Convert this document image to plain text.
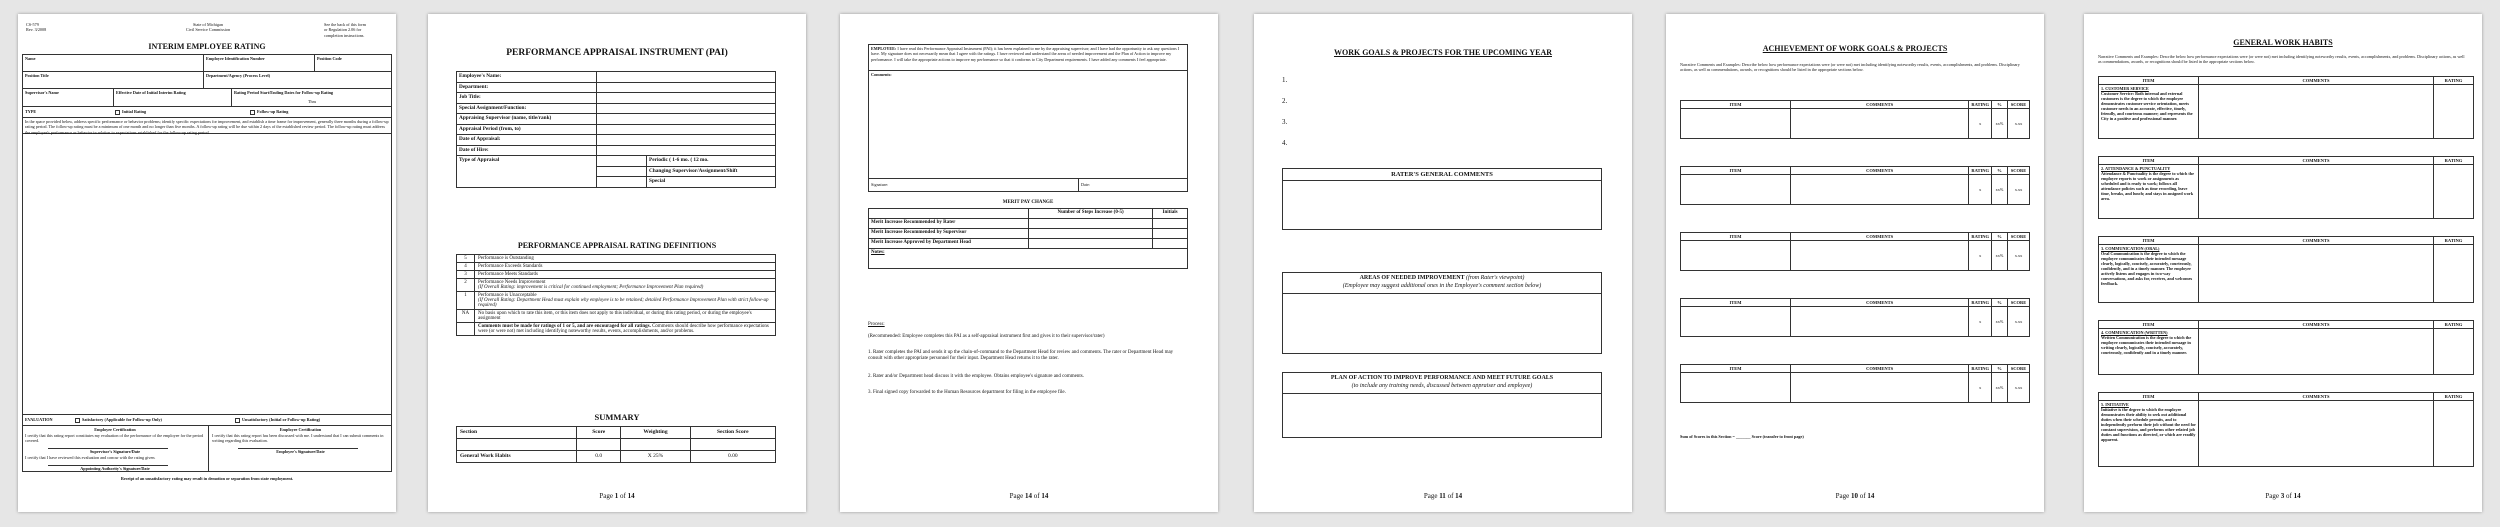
CS-579
Rev. 3/2008
State of Michigan
Civil Service Commission
See the back of this form
or Regulation 2.06 for
completion instructions.
INTERIM EMPLOYEE RATING
Name	Employee Identification Number	Position Code
Position Title	Department/Agency (Process Level)
Supervisor's Name	Effective Date of Initial Interim Rating	Rating Period Start/Ending Dates for Follow-up Rating
Thru
TYPE	Initial Rating	Follow-up Rating
In the space provided below, address specific performance or behavior problems; identify specific expectations for improvement, and establish a time frame for improvement, generally three months during a follow-up rating period. The follow-up rating must be a minimum of one month and no longer than five months. A follow-up rating will be due within 2 days of the established review period. The follow-up rating must address the employee's performance or behavior in relation to expectations established for the follow-up rating period.
EVALUATION	Satisfactory (Applicable for Follow-up Only)	Unsatisfactory (Initial or Follow-up Rating)
Employee Certification
I certify that this rating report constitutes my evaluation of the performance of the employee for the period covered.
Supervisor's Signature/Date
I certify that I have reviewed this evaluation and concur with the rating given.
Appointing Authority's Signature/Date
Employee Certification
I certify that this rating report has been discussed with me. I understand that I can submit comments in writing regarding this evaluation.
Employee's Signature/Date
Receipt of an unsatisfactory rating may result in demotion or separation from state employment.
PERFORMANCE APPRAISAL INSTRUMENT (PAI)
Employee's Name:		
Department:		
Job Title:		
Special Assignment/Function:		
Appraising Supervisor (name, title/rank)		
Appraisal Period (from, to)		
Date of Appraisal:		
Date of Hire:		
Type of Appraisal		Periodic ( 1-6 mo. ( 12 mo.
		Changing Supervisor/Assignment/Shift
		Special
PERFORMANCE APPRAISAL RATING DEFINITIONS
5	Performance is Outstanding
4	Performance Exceeds Standards
3	Performance Meets Standards
2	Performance Needs Improvement
(If Overall Rating: improvement is critical for continued employment; Performance Improvement Plan required)

1	Performance is Unacceptable
(If Overall Rating: Department Head must explain why employee is to be retained; detailed Performance Improvement Plan with strict follow-up required)

NA	No basis upon which to rate this item, or this item does not apply to this individual, or during this rating period, or during the employee's assignment
	Comments must be made for ratings of 1 or 5, and are encouraged for all ratings. Comments should describe how performance expectations were (or were not) met including identifying noteworthy results, events, accomplishments, and/or problems.
SUMMARY
Section	Score	Weighting	Section Score

General Work Habits	0.0	X 25%	0.00
Page 1 of 14
EMPLOYEE: I have read this Performance Appraisal Instrument (PAI); it has been explained to me by the appraising supervisor; and I have had the opportunity to ask any questions I have. My signature does not necessarily mean that I agree with the ratings. I have reviewed and understand the areas of needed improvement and the Plan of Action to improve my performance. I will take the appropriate actions to improve my performance so that it conforms to City Department requirements. I have added any comments I feel appropriate.
Comments:
Signature:	Date:
MERIT PAY CHANGE
	Number of Steps Increase (0-5)	Initials
Merit Increase Recommended by Rater		
Merit Increase Recommended by Supervisor		
Merit Increase Approved by Department Head		
Notes:		
Process:
(Recommended: Employee completes this PAI as a self-appraisal instrument first and gives it to their supervisor/rater)
1. Rater completes the PAI and sends it up the chain-of-command to the Department Head for review and comments. The rater or Department Head may consult with other appropriate personnel for their input. Department Head returns it to the rater.
2. Rater and/or Department head discuss it with the employee. Obtains employee's signature and comments.
3. Final signed copy forwarded to the Human Resources department for filing in the employee file.
Page 14 of 14
WORK GOALS & PROJECTS FOR THE UPCOMING YEAR
1.
2.
3.
4.
RATER'S GENERAL COMMENTS
AREAS OF NEEDED IMPROVEMENT (from Rater's viewpoint)
(Employee may suggest additional ones in the Employee's comment section below)
PLAN OF ACTION TO IMPROVE PERFORMANCE AND MEET FUTURE GOALS
(to include any training needs, discussed between appraiser and employee)
Page 11 of 14
ACHIEVEMENT OF WORK GOALS & PROJECTS
Narrative Comments and Examples: Describe below how performance expectations were (or were not) met including identifying noteworthy results, events, accomplishments, and problems. Disciplinary actions, as well as commendations, awards, or recognitions should be listed in the appropriate sections below.
ITEM	COMMENTS	RATING	%	SCORE
		x	xx%	x.xx
ITEM	COMMENTS	RATING	%	SCORE
		x	xx%	x.xx
ITEM	COMMENTS	RATING	%	SCORE
		x	xx%	x.xx
ITEM	COMMENTS	RATING	%	SCORE
		x	xx%	x.xx
ITEM	COMMENTS	RATING	%	SCORE
		x	xx%	x.xx
Sum of Scores in this Section = _______ Score (transfer to front page)
Page 10 of 14
GENERAL WORK HABITS
Narrative Comments and Examples: Describe below how performance expectations were (or were not) met including identifying noteworthy results, events, accomplishments, and problems. Disciplinary actions, as well as commendations, awards, or recognitions should be listed in the appropriate sections below.
ITEM	COMMENTS	RATING

1. CUSTOMER SERVICE
Customer Service: Both internal and external customers is the degree to which the employee demonstrates customer service orientation, meets customer needs in an accurate, effective, timely, friendly, and courteous manner; and represents the City in a positive and professional manner.		

ITEM	COMMENTS	RATING

2. ATTENDANCE & PUNCTUALITY
Attendance & Punctuality is the degree to which the employee reports to work or assignments as scheduled and is ready to work; follows all attendance policies such as time recording, leave time, breaks, and lunch; and stays in assigned work area.		

ITEM	COMMENTS	RATING

3. COMMUNICATION (ORAL)
Oral Communication is the degree to which the employee communicates their intended message clearly, logically, concisely, accurately, courteously, confidently, and in a timely manner. The employee actively listens and engages in two-way conversations, and asks for, receives, and welcomes feedback.		

ITEM	COMMENTS	RATING

4. COMMUNICATION (WRITTEN)
Written Communication is the degree to which the employee communicates their intended message in writing clearly, logically, concisely, accurately, courteously, confidently and in a timely manner.		

ITEM	COMMENTS	RATING

5. INITIATIVE
Initiative is the degree to which the employee demonstrates their ability to seek out additional duties when their schedule permits, and to independently perform their job without the need for constant supervision, and performs other related job duties and functions as directed, or which are readily apparent.		

Page 3 of 14
